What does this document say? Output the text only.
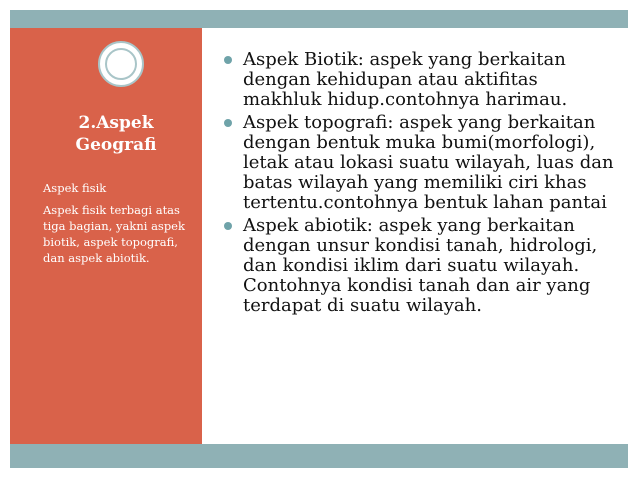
2.Aspek
Geografi
Aspek fisik
Aspek fisik terbagi atas tiga bagian, yakni aspek biotik, aspek topografi, dan aspek abiotik.
Aspek Biotik: aspek yang berkaitan dengan kehidupan atau aktifitas makhluk hidup.contohnya harimau.
Aspek topografi: aspek yang berkaitan dengan bentuk muka bumi(morfologi), letak atau lokasi suatu wilayah, luas dan batas wilayah yang memiliki ciri khas tertentu.contohnya bentuk lahan pantai
Aspek abiotik: aspek yang berkaitan dengan unsur kondisi tanah, hidrologi, dan kondisi iklim dari suatu wilayah. Contohnya kondisi tanah dan air yang terdapat di suatu wilayah.
